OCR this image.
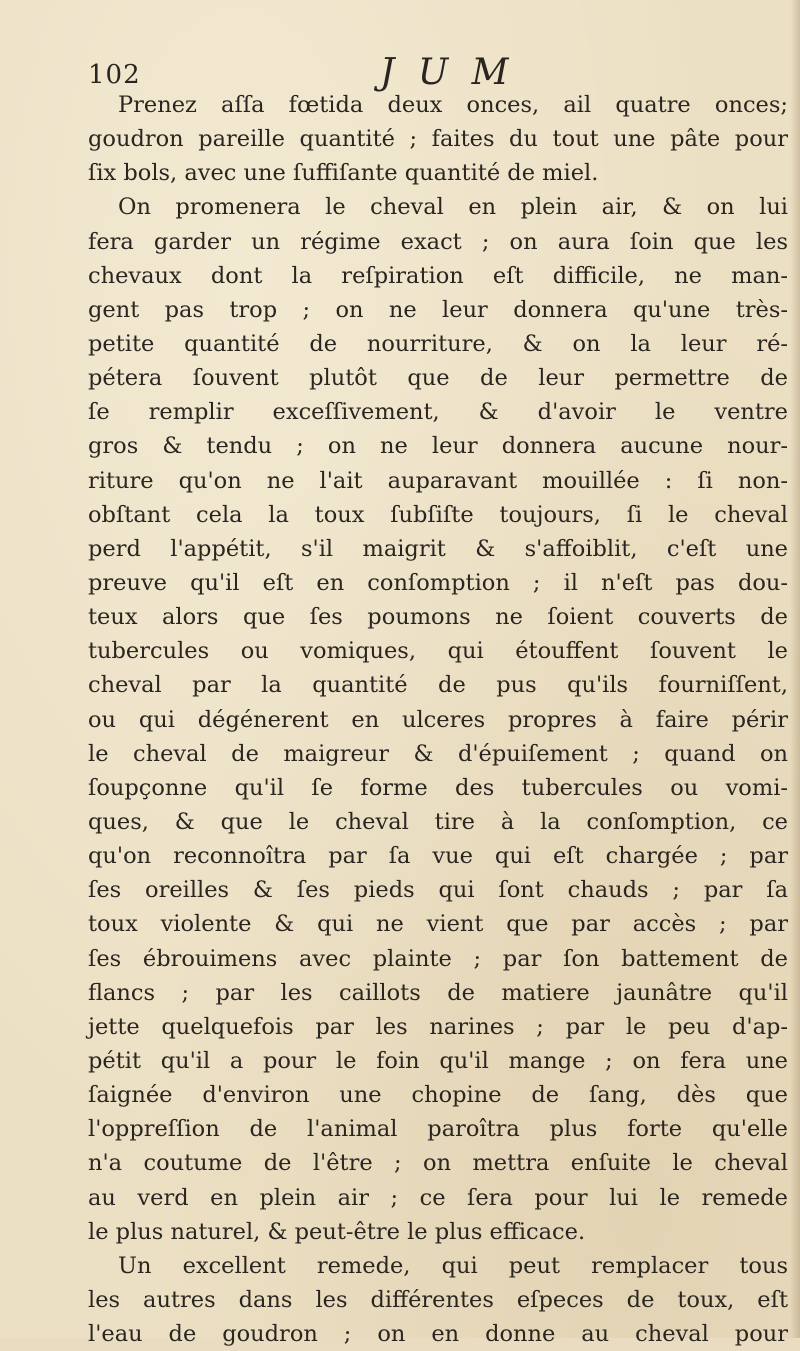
102	J U M
Prenez aſſa fœtida deux onces, ail quatre onces;
goudron pareille quantité ; faites du tout une pâte pour
ſix bols, avec une ſuffiſante quantité de miel.
On promenera le cheval en plein air, & on lui
fera garder un régime exact ; on aura ſoin que les
chevaux dont la reſpiration eſt difficile, ne man-
gent pas trop ; on ne leur donnera qu'une très-
petite quantité de nourriture, & on la leur ré-
pétera ſouvent plutôt que de leur permettre de
ſe remplir exceſſivement, & d'avoir le ventre
gros & tendu ; on ne leur donnera aucune nour-
riture qu'on ne l'ait auparavant mouillée : ſi non-
obſtant cela la toux ſubſiſte toujours, ſi le cheval
perd l'appétit, s'il maigrit & s'affoiblit, c'eſt une
preuve qu'il eſt en conſomption ; il n'eſt pas dou-
teux alors que ſes poumons ne ſoient couverts de
tubercules ou vomiques, qui étouffent ſouvent le
cheval par la quantité de pus qu'ils fourniſſent,
ou qui dégénerent en ulceres propres à faire périr
le cheval de maigreur & d'épuiſement ; quand on
ſoupçonne qu'il ſe forme des tubercules ou vomi-
ques, & que le cheval tire à la conſomption, ce
qu'on reconnoîtra par ſa vue qui eſt chargée ; par
ſes oreilles & ſes pieds qui ſont chauds ; par ſa
toux violente & qui ne vient que par accès ; par
ſes ébrouimens avec plainte ; par ſon battement de
flancs ; par les caillots de matiere jaunâtre qu'il
jette quelquefois par les narines ; par le peu d'ap-
pétit qu'il a pour le foin qu'il mange ; on fera une
ſaignée d'environ une chopine de ſang, dès que
l'oppreſſion de l'animal paroîtra plus forte qu'elle
n'a coutume de l'être ; on mettra enſuite le cheval
au verd en plein air ; ce ſera pour lui le remede
le plus naturel, & peut-être le plus efficace.
Un excellent remede, qui peut remplacer tous
les autres dans les différentes eſpeces de toux, eſt
l'eau de goudron ; on en donne au cheval pour
